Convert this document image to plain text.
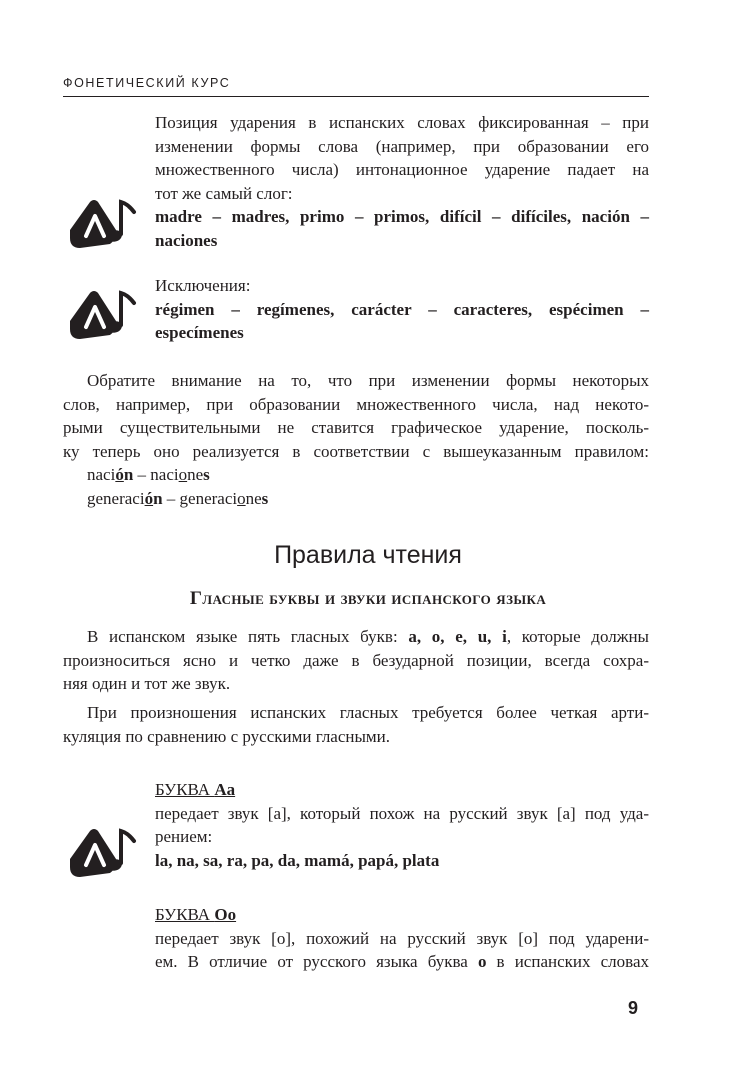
ФОНЕТИЧЕСКИЙ КУРС

Позиция ударения в испанских словах фиксированная – при

изменении формы слова (например, при образовании его

множественного числа) интонационное ударение падает на

тот же самый слог:

madre – madres, primo – primos, difícil – difíciles, nación –

naciones

Исключения:

régimen – regímenes, carácter – caracteres, espécimen –

especímenes

Обратите внимание на то, что при изменении формы некоторых

слов, например, при образовании множественного числа, над некото-

рыми существительными не ставится графическое ударение, посколь-

ку теперь оно реализуется в соответствии с вышеуказанным правилом:

nación – naciones

generación – generaciones

Правила чтения
Гласные буквы и звуки испанского языка

В испанском языке пять гласных букв: a, o, e, u, i, которые должны

произноситься ясно и четко даже в безударной позиции, всегда сохра-

няя один и тот же звук.

При произношения испанских гласных требуется более четкая арти-

куляция по сравнению с русскими гласными.

БУКВА Aa

передает звук [a], который похож на русский звук [a] под уда-

рением:

la, na, sa, ra, pa, da, mamá, papá, plata

БУКВА Oo

передает звук [o], похожий на русский звук [o] под ударени-

ем. В отличие от русского языка буква o в испанских словах

9
